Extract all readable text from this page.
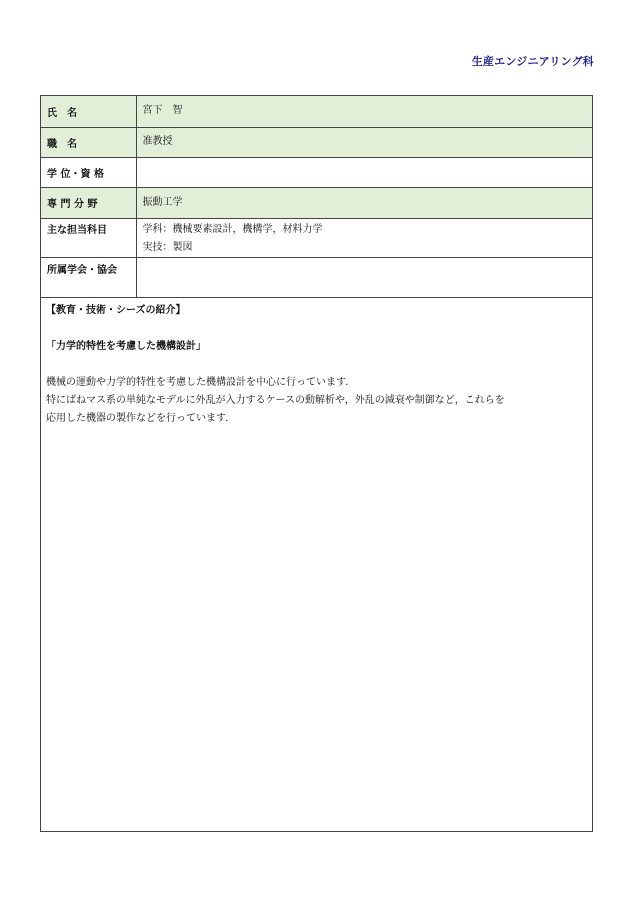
生産エンジニアリング科
氏　名	宮下　智
職　名	准教授
学 位・資 格	
専 門 分 野	振動工学
主な担当科目	学科：機械要素設計，機構学，材料力学
実技：製図

所属学会・協会	
【教育・技術・シーズの紹介】
「力学的特性を考慮した機構設計」
機械の運動や力学的特性を考慮した機構設計を中心に行っています．
特にばねマス系の単純なモデルに外乱が入力するケースの動解析や，外乱の減衰や制御など，これらを
応用した機器の製作などを行っています．
